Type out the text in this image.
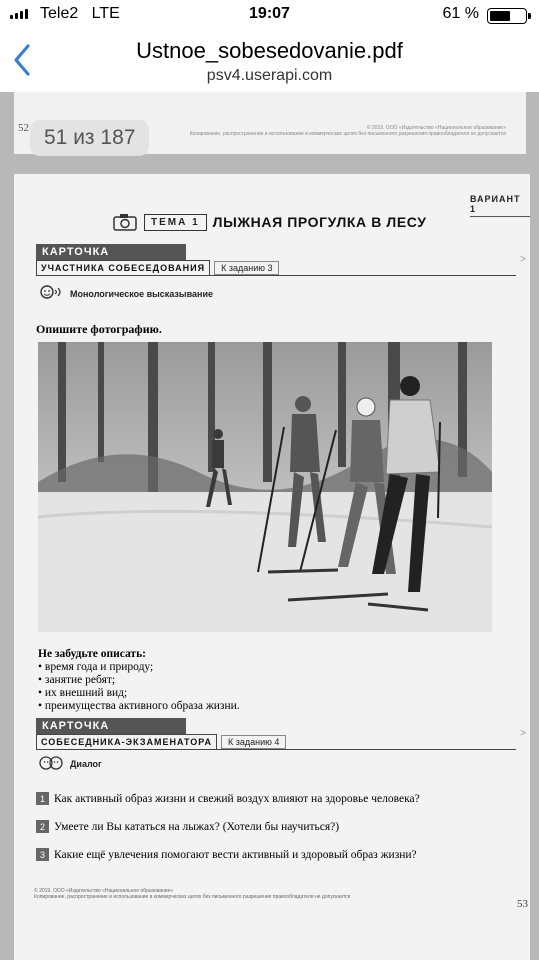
Tele2 LTE	19:07	61 %
Ustnoe_sobesedovanie.pdf
psv4.userapi.com
52	© 2019. ООО «Издательство «Национальное образование»
Копирование, распространение и использование в коммерческих целях без письменного разрешения правообладателя не допускается
51 из 187
ВАРИАНТ 1
ТЕМА 1 ЛЫЖНАЯ ПРОГУЛКА В ЛЕСУ
КАРТОЧКА
УЧАСТНИКА СОБЕСЕДОВАНИЯ	К заданию 3
>
Монологическое высказывание
Опишите фотографию.
Не забудьте описать:
• время года и природу;
• занятие ребят;
• их внешний вид;
• преимущества активного образа жизни.
КАРТОЧКА
СОБЕСЕДНИКА-ЭКЗАМЕНАТОРА	К заданию 4
>
Диалог
1 Как активный образ жизни и свежий воздух влияют на здоровье человека?
2 Умеете ли Вы кататься на лыжах? (Хотели бы научиться?)
3 Какие ещё увлечения помогают вести активный и здоровый образ жизни?
© 2019. ООО «Издательство «Национальное образование»
Копирование, распространение и использование в коммерческих целях без письменного разрешения правообладателя не допускается
53
